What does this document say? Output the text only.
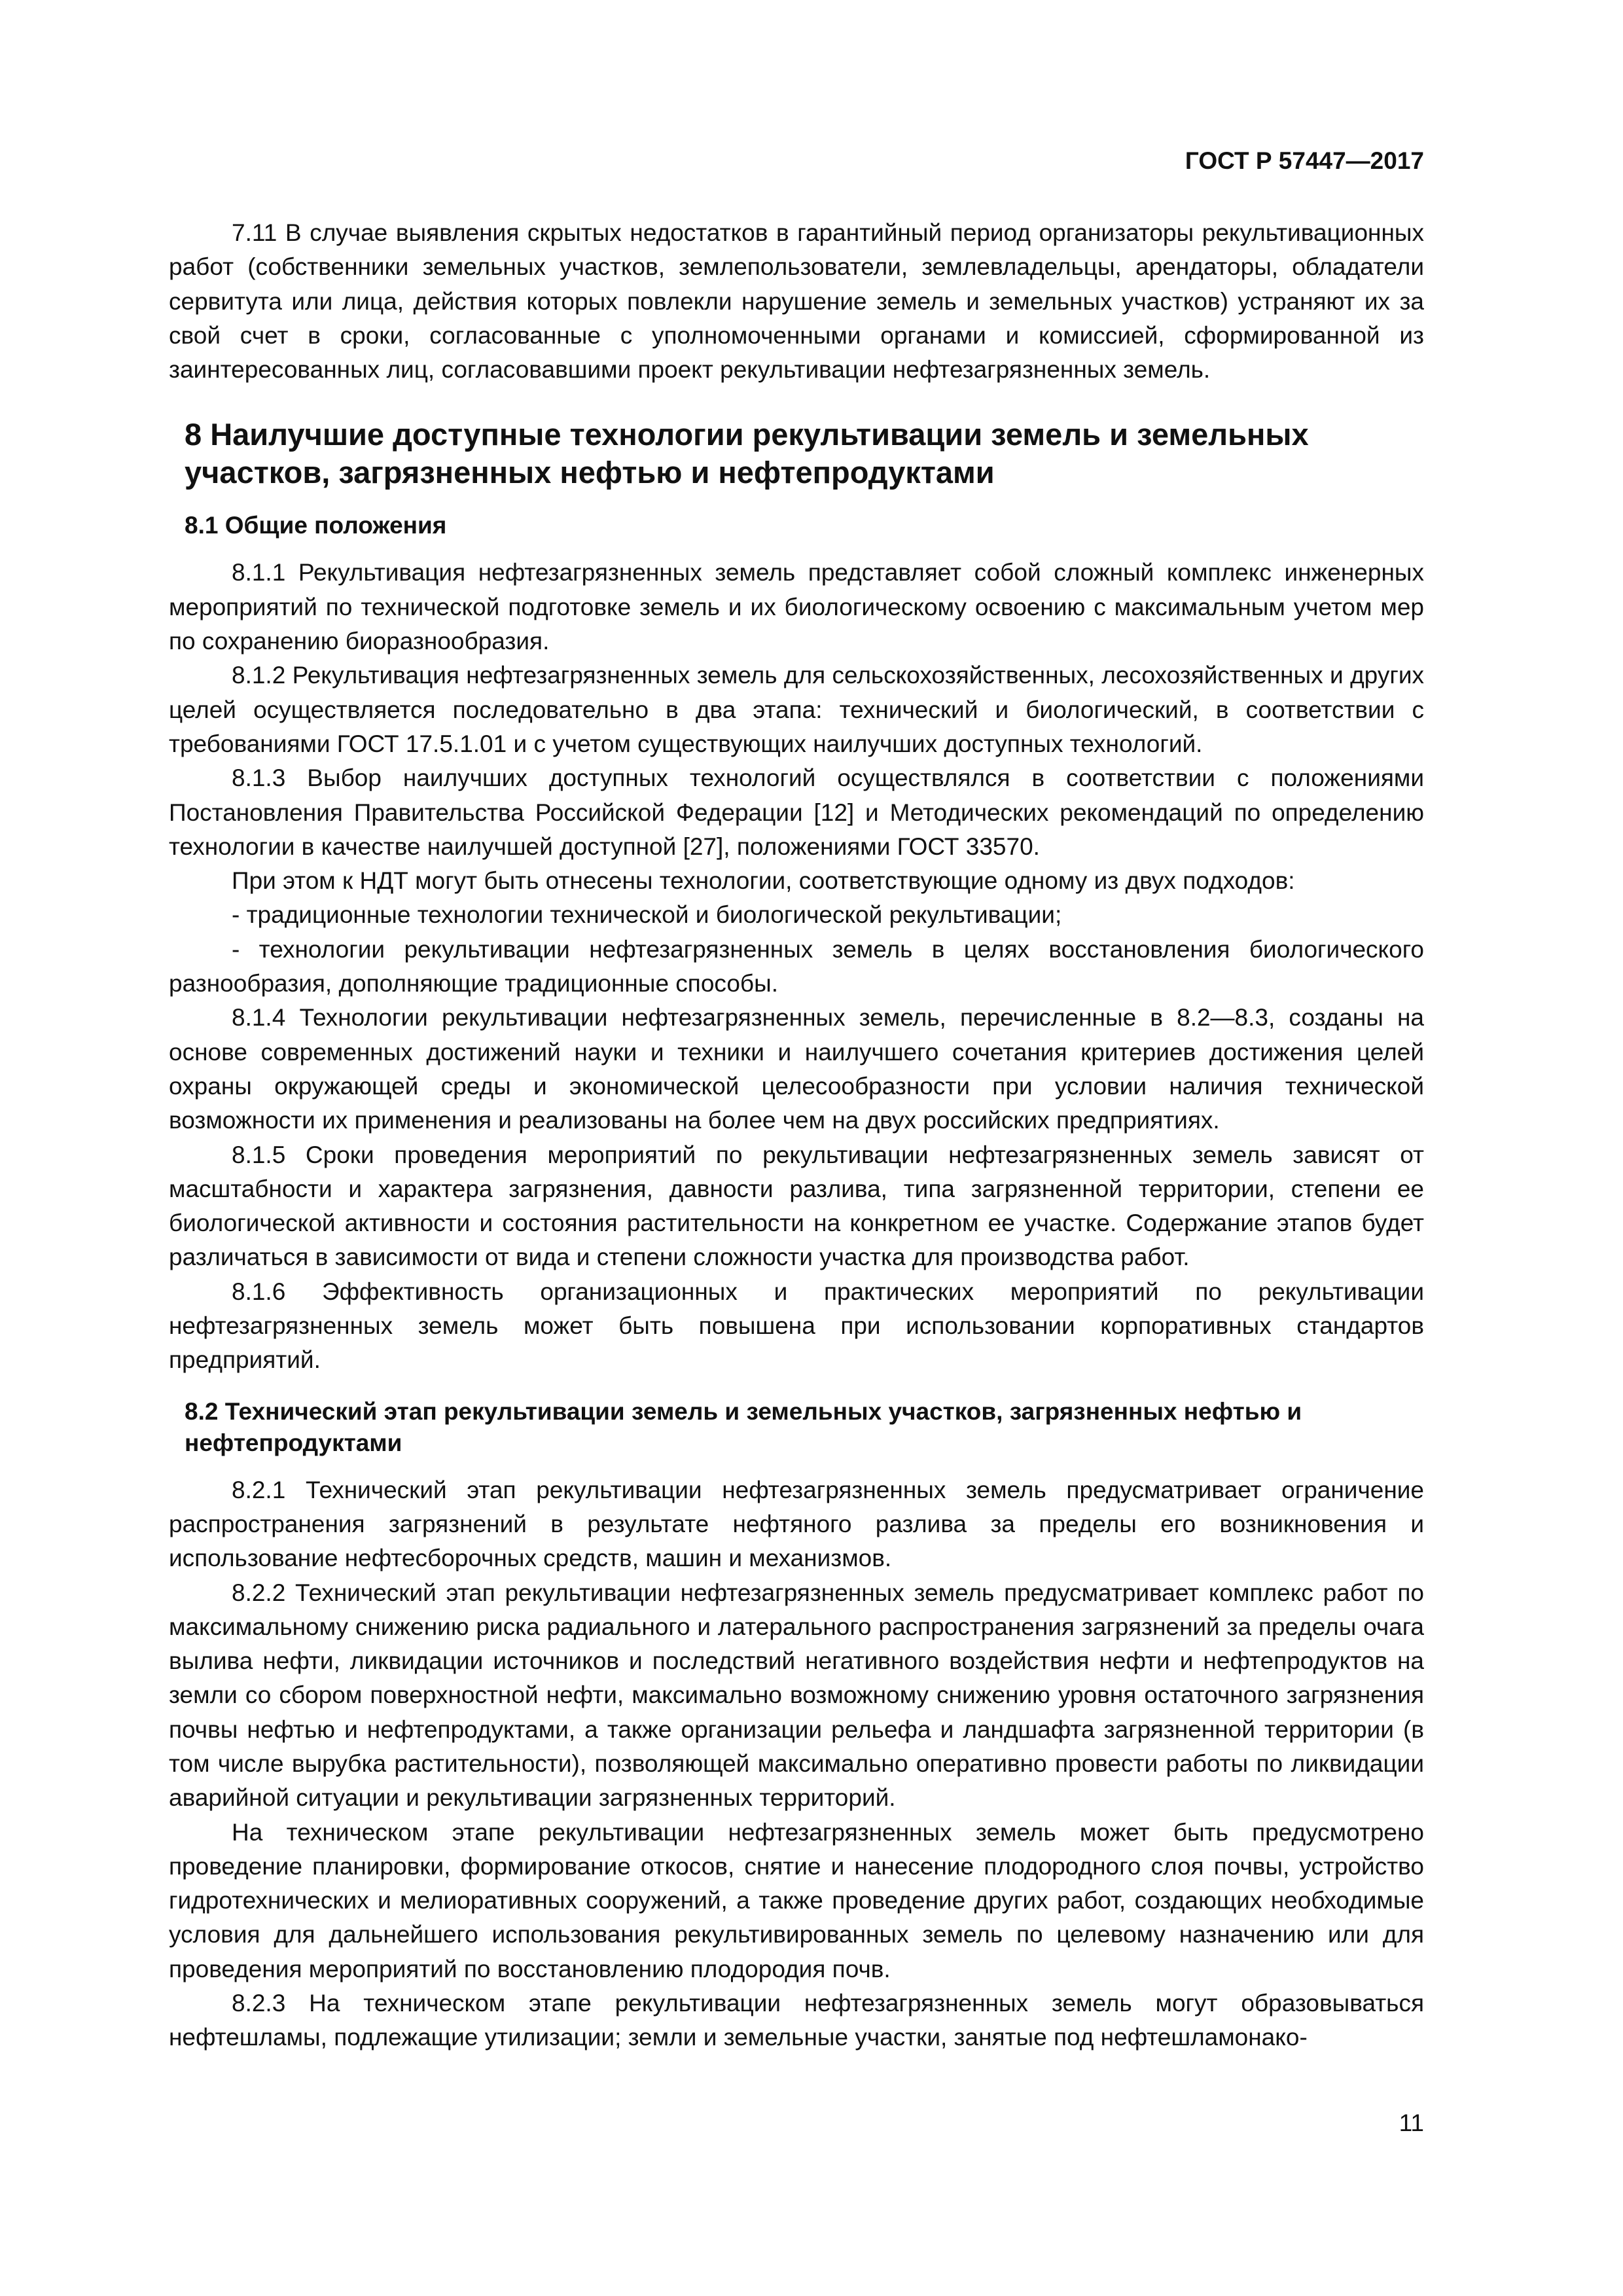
ГОСТ Р 57447—2017

7.11 В случае выявления скрытых недостатков в гарантийный период организаторы рекультивационных работ (собственники земельных участков, землепользователи, землевладельцы, арендаторы, обладатели сервитута или лица, действия которых повлекли нарушение земель и земельных участков) устраняют их за свой счет в сроки, согласованные с уполномоченными органами и комиссией, сформированной из заинтересованных лиц, согласовавшими проект рекультивации нефтезагрязненных земель.

8 Наилучшие доступные технологии рекультивации земель и земельных участков, загрязненных нефтью и нефтепродуктами
8.1 Общие положения

8.1.1 Рекультивация нефтезагрязненных земель представляет собой сложный комплекс инженерных мероприятий по технической подготовке земель и их биологическому освоению с максимальным учетом мер по сохранению биоразнообразия.

8.1.2 Рекультивация нефтезагрязненных земель для сельскохозяйственных, лесохозяйственных и других целей осуществляется последовательно в два этапа: технический и биологический, в соответствии с требованиями ГОСТ 17.5.1.01 и с учетом существующих наилучших доступных технологий.

8.1.3 Выбор наилучших доступных технологий осуществлялся в соответствии с положениями Постановления Правительства Российской Федерации [12] и Методических рекомендаций по определению технологии в качестве наилучшей доступной [27], положениями ГОСТ 33570.

При этом к НДТ могут быть отнесены технологии, соответствующие одному из двух подходов:

- традиционные технологии технической и биологической рекультивации;

- технологии рекультивации нефтезагрязненных земель в целях восстановления биологического разнообразия, дополняющие традиционные способы.

8.1.4 Технологии рекультивации нефтезагрязненных земель, перечисленные в 8.2—8.3, созданы на основе современных достижений науки и техники и наилучшего сочетания критериев достижения целей охраны окружающей среды и экономической целесообразности при условии наличия технической возможности их применения и реализованы на более чем на двух российских предприятиях.

8.1.5 Сроки проведения мероприятий по рекультивации нефтезагрязненных земель зависят от масштабности и характера загрязнения, давности разлива, типа загрязненной территории, степени ее биологической активности и состояния растительности на конкретном ее участке. Содержание этапов будет различаться в зависимости от вида и степени сложности участка для производства работ.

8.1.6 Эффективность организационных и практических мероприятий по рекультивации нефтезагрязненных земель может быть повышена при использовании корпоративных стандартов предприятий.

8.2 Технический этап рекультивации земель и земельных участков, загрязненных нефтью и нефтепродуктами

8.2.1 Технический этап рекультивации нефтезагрязненных земель предусматривает ограничение распространения загрязнений в результате нефтяного разлива за пределы его возникновения и использование нефтесборочных средств, машин и механизмов.

8.2.2 Технический этап рекультивации нефтезагрязненных земель предусматривает комплекс работ по максимальному снижению риска радиального и латерального распространения загрязнений за пределы очага вылива нефти, ликвидации источников и последствий негативного воздействия нефти и нефтепродуктов на земли со сбором поверхностной нефти, максимально возможному снижению уровня остаточного загрязнения почвы нефтью и нефтепродуктами, а также организации рельефа и ландшафта загрязненной территории (в том числе вырубка растительности), позволяющей максимально оперативно провести работы по ликвидации аварийной ситуации и рекультивации загрязненных территорий.

На техническом этапе рекультивации нефтезагрязненных земель может быть предусмотрено проведение планировки, формирование откосов, снятие и нанесение плодородного слоя почвы, устройство гидротехнических и мелиоративных сооружений, а также проведение других работ, создающих необходимые условия для дальнейшего использования рекультивированных земель по целевому назначению или для проведения мероприятий по восстановлению плодородия почв.

8.2.3 На техническом этапе рекультивации нефтезагрязненных земель могут образовываться нефтешламы, подлежащие утилизации; земли и земельные участки, занятые под нефтешламонако-

11
